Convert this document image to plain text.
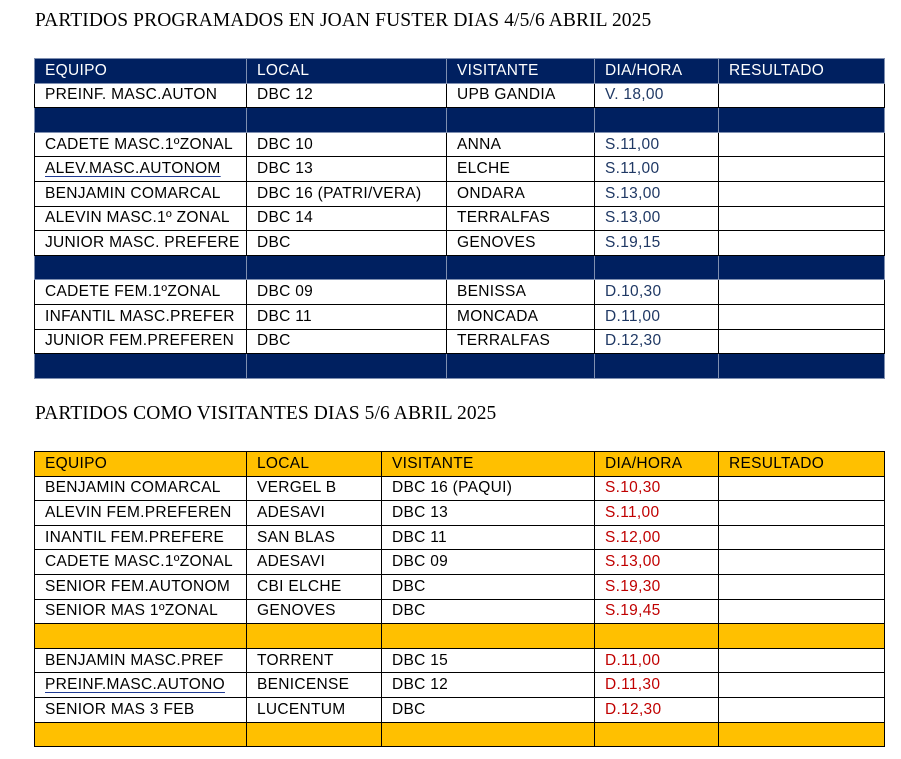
PARTIDOS PROGRAMADOS EN JOAN FUSTER DIAS 4/5/6 ABRIL 2025
EQUIPO	LOCAL	VISITANTE	DIA/HORA	RESULTADO
PREINF. MASC.AUTON	DBC 12	UPB GANDIA	V. 18,00	

CADETE MASC.1ºZONAL	DBC 10	ANNA	S.11,00	
ALEV.MASC.AUTONOM	DBC 13	ELCHE	S.11,00	
BENJAMIN COMARCAL	DBC 16 (PATRI/VERA)	ONDARA	S.13,00	
ALEVIN MASC.1º ZONAL	DBC 14	TERRALFAS	S.13,00	
JUNIOR MASC. PREFERE	DBC	GENOVES	S.19,15	

CADETE FEM.1ºZONAL	DBC 09	BENISSA	D.10,30	
INFANTIL MASC.PREFER	DBC 11	MONCADA	D.11,00	
JUNIOR FEM.PREFEREN	DBC	TERRALFAS	D.12,30	

PARTIDOS COMO VISITANTES DIAS 5/6 ABRIL 2025
EQUIPO	LOCAL	VISITANTE	DIA/HORA	RESULTADO
BENJAMIN COMARCAL	VERGEL B	DBC 16 (PAQUI)	S.10,30	
ALEVIN FEM.PREFEREN	ADESAVI	DBC 13	S.11,00	
INANTIL FEM.PREFERE	SAN BLAS	DBC 11	S.12,00	
CADETE MASC.1ºZONAL	ADESAVI	DBC 09	S.13,00	
SENIOR FEM.AUTONOM	CBI ELCHE	DBC	S.19,30	
SENIOR MAS 1ºZONAL	GENOVES	DBC	S.19,45	

BENJAMIN MASC.PREF	TORRENT	DBC 15	D.11,00	
PREINF.MASC.AUTONO	BENICENSE	DBC 12	D.11,30	
SENIOR MAS 3 FEB	LUCENTUM	DBC	D.12,30	
